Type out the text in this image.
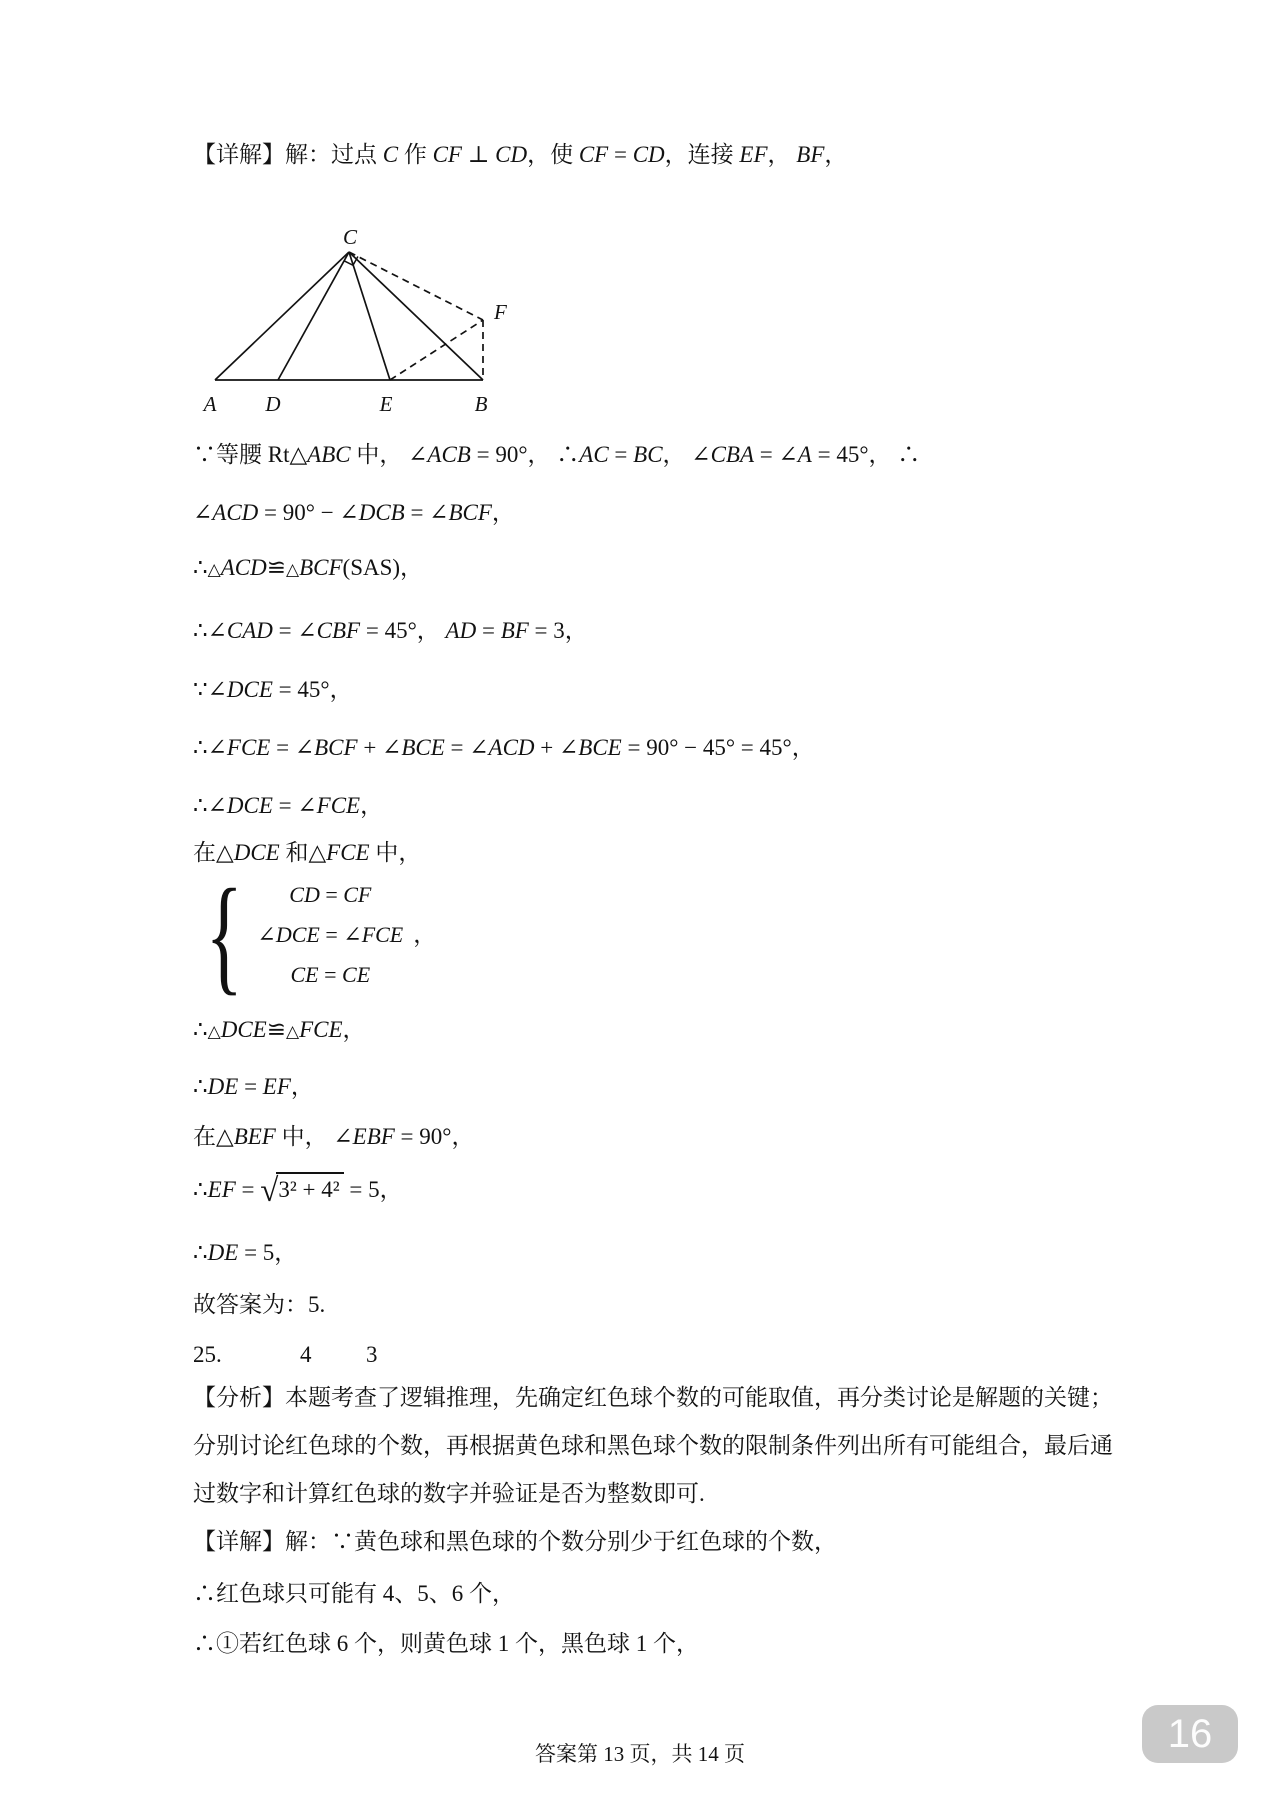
【详解】解：过点 C 作 CF ⊥ CD，使 CF = CD，连接 EF， BF，
C
A D	E	B
F
∵等腰 Rt△ABC 中， ∠ACB = 90°， ∴AC = BC， ∠CBA = ∠A = 45°， ∴
∠ACD = 90° − ∠DCB = ∠BCF，
∴△ACD≌△BCF(SAS)，
∴∠CAD = ∠CBF = 45°， AD = BF = 3，
∵∠DCE = 45°，
∴∠FCE = ∠BCF + ∠BCE = ∠ACD + ∠BCE = 90° − 45° = 45°，
∴∠DCE = ∠FCE，
在△DCE 和△FCE 中，
{	CD = CF
∠DCE = ∠FCE
CE = CE
，
∴△DCE≌△FCE，
∴DE = EF，
在△BEF 中， ∠EBF = 90°，
∴EF = √3² + 4² = 5，
∴DE = 5，
故答案为：5.
25.	4 3
【分析】本题考查了逻辑推理，先确定红色球个数的可能取值，再分类讨论是解题的关键；
分别讨论红色球的个数，再根据黄色球和黑色球个数的限制条件列出所有可能组合，最后通
过数字和计算红色球的数字并验证是否为整数即可.
【详解】解：∵黄色球和黑色球的个数分别少于红色球的个数，
∴红色球只可能有 4、5、6 个，
∴①若红色球 6 个，则黄色球 1 个，黑色球 1 个，
答案第 13 页，共 14 页	16
